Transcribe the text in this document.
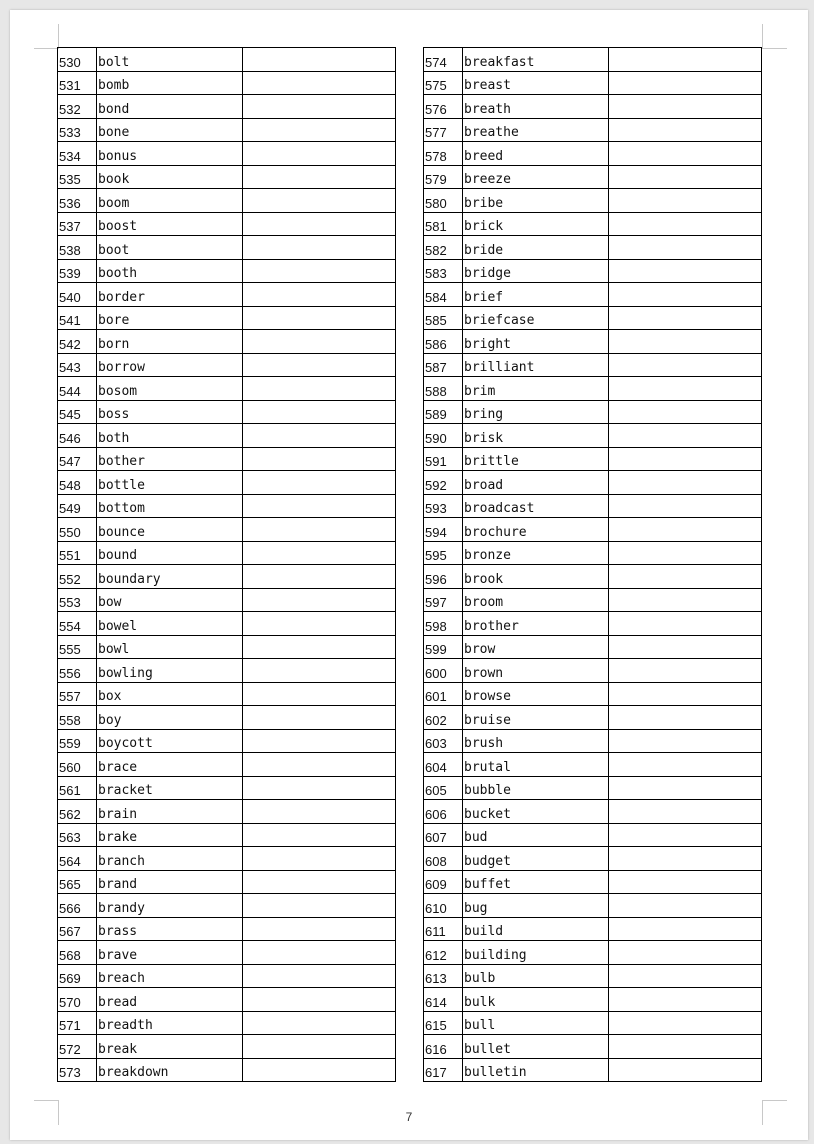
530	bolt	
531	bomb	
532	bond	
533	bone	
534	bonus	
535	book	
536	boom	
537	boost	
538	boot	
539	booth	
540	border	
541	bore	
542	born	
543	borrow	
544	bosom	
545	boss	
546	both	
547	bother	
548	bottle	
549	bottom	
550	bounce	
551	bound	
552	boundary	
553	bow	
554	bowel	
555	bowl	
556	bowling	
557	box	
558	boy	
559	boycott	
560	brace	
561	bracket	
562	brain	
563	brake	
564	branch	
565	brand	
566	brandy	
567	brass	
568	brave	
569	breach	
570	bread	
571	breadth	
572	break	
573	breakdown	
574	breakfast	
575	breast	
576	breath	
577	breathe	
578	breed	
579	breeze	
580	bribe	
581	brick	
582	bride	
583	bridge	
584	brief	
585	briefcase	
586	bright	
587	brilliant	
588	brim	
589	bring	
590	brisk	
591	brittle	
592	broad	
593	broadcast	
594	brochure	
595	bronze	
596	brook	
597	broom	
598	brother	
599	brow	
600	brown	
601	browse	
602	bruise	
603	brush	
604	brutal	
605	bubble	
606	bucket	
607	bud	
608	budget	
609	buffet	
610	bug	
611	build	
612	building	
613	bulb	
614	bulk	
615	bull	
616	bullet	
617	bulletin	
7
